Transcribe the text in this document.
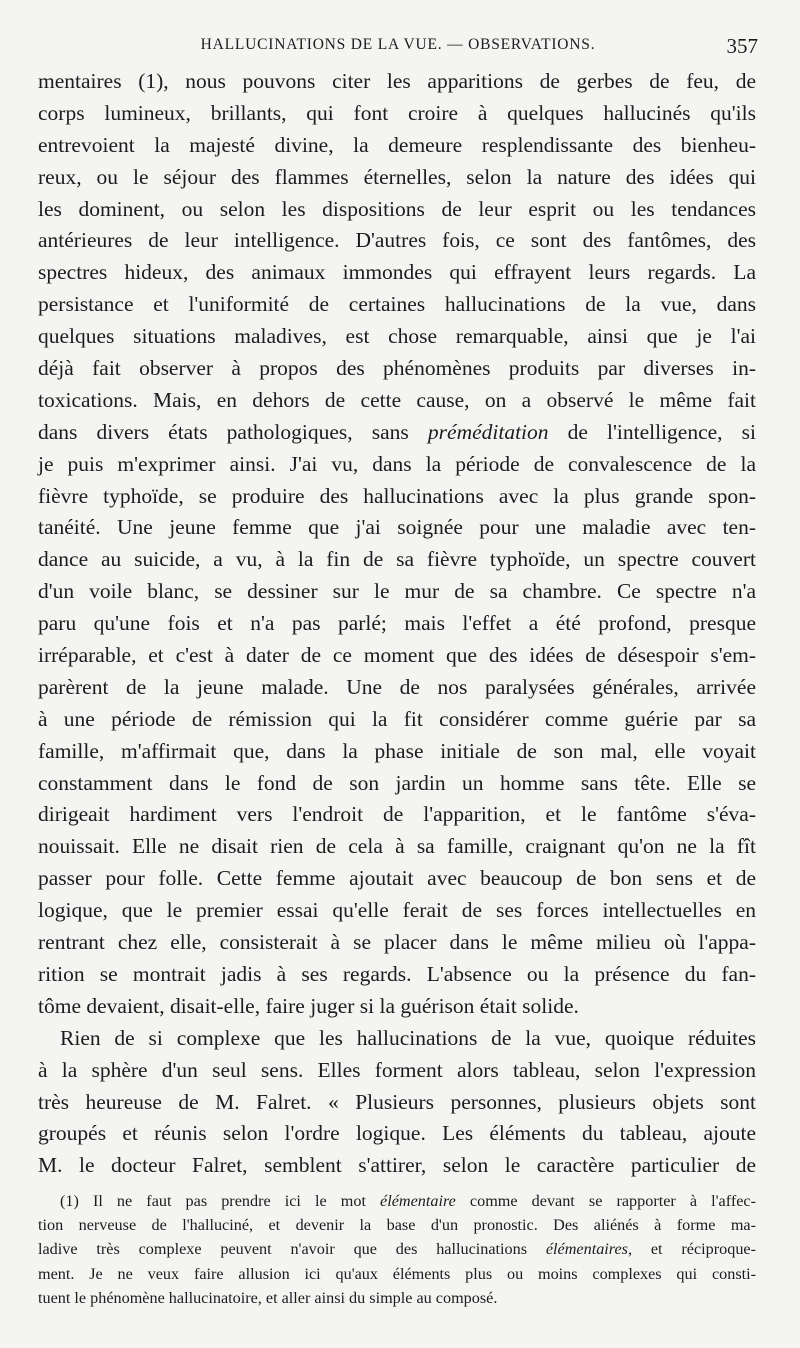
HALLUCINATIONS DE LA VUE. — OBSERVATIONS.	357
mentaires (1), nous pouvons citer les apparitions de gerbes de feu, de
corps lumineux, brillants, qui font croire à quelques hallucinés qu'ils
entrevoient la majesté divine, la demeure resplendissante des bienheu-
reux, ou le séjour des flammes éternelles, selon la nature des idées qui
les dominent, ou selon les dispositions de leur esprit ou les tendances
antérieures de leur intelligence. D'autres fois, ce sont des fantômes, des
spectres hideux, des animaux immondes qui effrayent leurs regards. La
persistance et l'uniformité de certaines hallucinations de la vue, dans
quelques situations maladives, est chose remarquable, ainsi que je l'ai
déjà fait observer à propos des phénomènes produits par diverses in-
toxications. Mais, en dehors de cette cause, on a observé le même fait
dans divers états pathologiques, sans préméditation de l'intelligence, si
je puis m'exprimer ainsi. J'ai vu, dans la période de convalescence de la
fièvre typhoïde, se produire des hallucinations avec la plus grande spon-
tanéité. Une jeune femme que j'ai soignée pour une maladie avec ten-
dance au suicide, a vu, à la fin de sa fièvre typhoïde, un spectre couvert
d'un voile blanc, se dessiner sur le mur de sa chambre. Ce spectre n'a
paru qu'une fois et n'a pas parlé; mais l'effet a été profond, presque
irréparable, et c'est à dater de ce moment que des idées de désespoir s'em-
parèrent de la jeune malade. Une de nos paralysées générales, arrivée
à une période de rémission qui la fit considérer comme guérie par sa
famille, m'affirmait que, dans la phase initiale de son mal, elle voyait
constamment dans le fond de son jardin un homme sans tête. Elle se
dirigeait hardiment vers l'endroit de l'apparition, et le fantôme s'éva-
nouissait. Elle ne disait rien de cela à sa famille, craignant qu'on ne la fît
passer pour folle. Cette femme ajoutait avec beaucoup de bon sens et de
logique, que le premier essai qu'elle ferait de ses forces intellectuelles en
rentrant chez elle, consisterait à se placer dans le même milieu où l'appa-
rition se montrait jadis à ses regards. L'absence ou la présence du fan-
tôme devaient, disait-elle, faire juger si la guérison était solide.
Rien de si complexe que les hallucinations de la vue, quoique réduites
à la sphère d'un seul sens. Elles forment alors tableau, selon l'expression
très heureuse de M. Falret. « Plusieurs personnes, plusieurs objets sont
groupés et réunis selon l'ordre logique. Les éléments du tableau, ajoute
M. le docteur Falret, semblent s'attirer, selon le caractère particulier de
(1) Il ne faut pas prendre ici le mot élémentaire comme devant se rapporter à l'affec-
tion nerveuse de l'halluciné, et devenir la base d'un pronostic. Des aliénés à forme ma-
ladive très complexe peuvent n'avoir que des hallucinations élémentaires, et réciproque-
ment. Je ne veux faire allusion ici qu'aux éléments plus ou moins complexes qui consti-
tuent le phénomène hallucinatoire, et aller ainsi du simple au composé.
